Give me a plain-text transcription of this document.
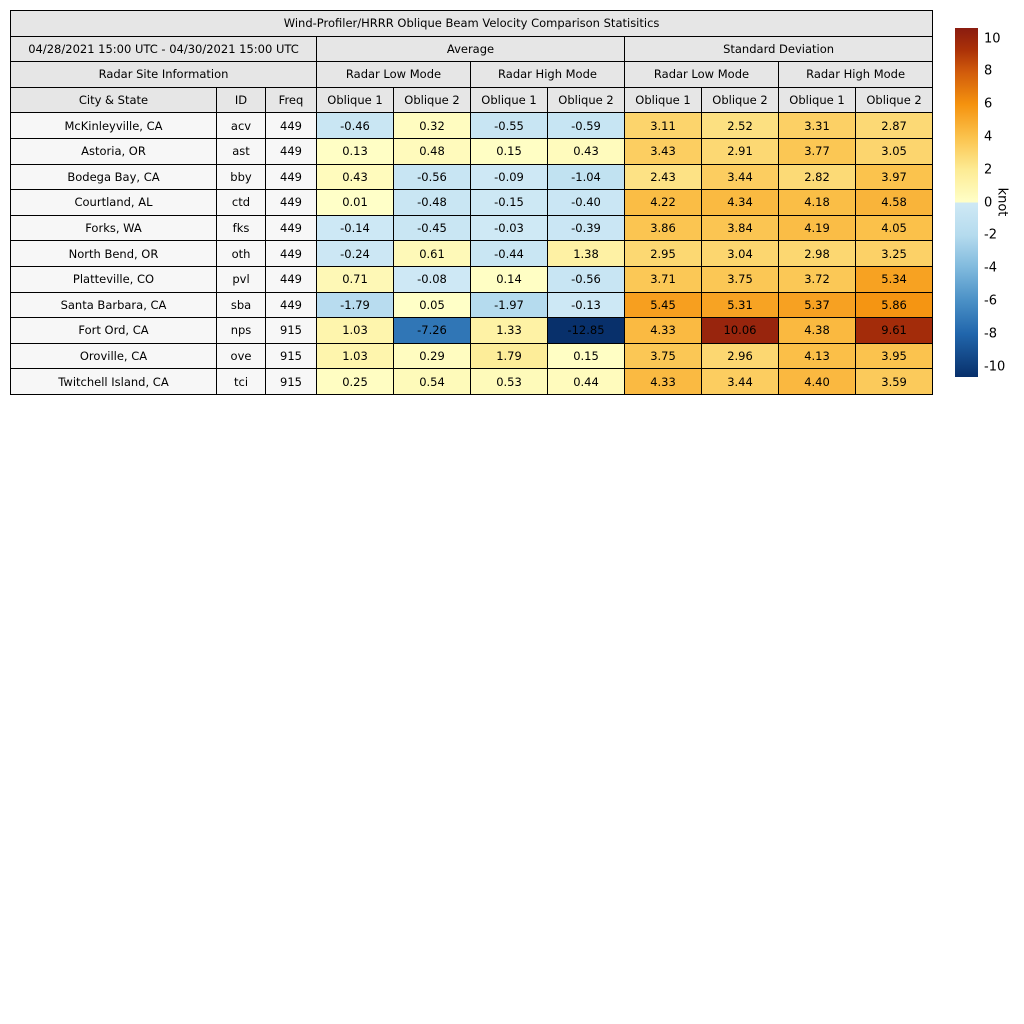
Wind-Profiler/HRRR Oblique Beam Velocity Comparison Statisitics										
04/28/2021 15:00 UTC - 04/30/2021 15:00 UTC			Average				Standard Deviation			
Radar Site Information			Radar Low Mode		Radar High Mode		Radar Low Mode		Radar High Mode	
City & State	ID	Freq	Oblique 1	Oblique 2	Oblique 1	Oblique 2	Oblique 1	Oblique 2	Oblique 1	Oblique 2
McKinleyville, CA	acv	449	-0.46	0.32	-0.55	-0.59	3.11	2.52	3.31	2.87
Astoria, OR	ast	449	0.13	0.48	0.15	0.43	3.43	2.91	3.77	3.05
Bodega Bay, CA	bby	449	0.43	-0.56	-0.09	-1.04	2.43	3.44	2.82	3.97
Courtland, AL	ctd	449	0.01	-0.48	-0.15	-0.40	4.22	4.34	4.18	4.58
Forks, WA	fks	449	-0.14	-0.45	-0.03	-0.39	3.86	3.84	4.19	4.05
North Bend, OR	oth	449	-0.24	0.61	-0.44	1.38	2.95	3.04	2.98	3.25
Platteville, CO	pvl	449	0.71	-0.08	0.14	-0.56	3.71	3.75	3.72	5.34
Santa Barbara, CA	sba	449	-1.79	0.05	-1.97	-0.13	5.45	5.31	5.37	5.86
Fort Ord, CA	nps	915	1.03	-7.26	1.33	-12.85	4.33	10.06	4.38	9.61
Oroville, CA	ove	915	1.03	0.29	1.79	0.15	3.75	2.96	4.13	3.95
Twitchell Island, CA	tci	915	0.25	0.54	0.53	0.44	4.33	3.44	4.40	3.59
10
8
6
4
2
0
-2
-4
-6
-8
-10
knot
